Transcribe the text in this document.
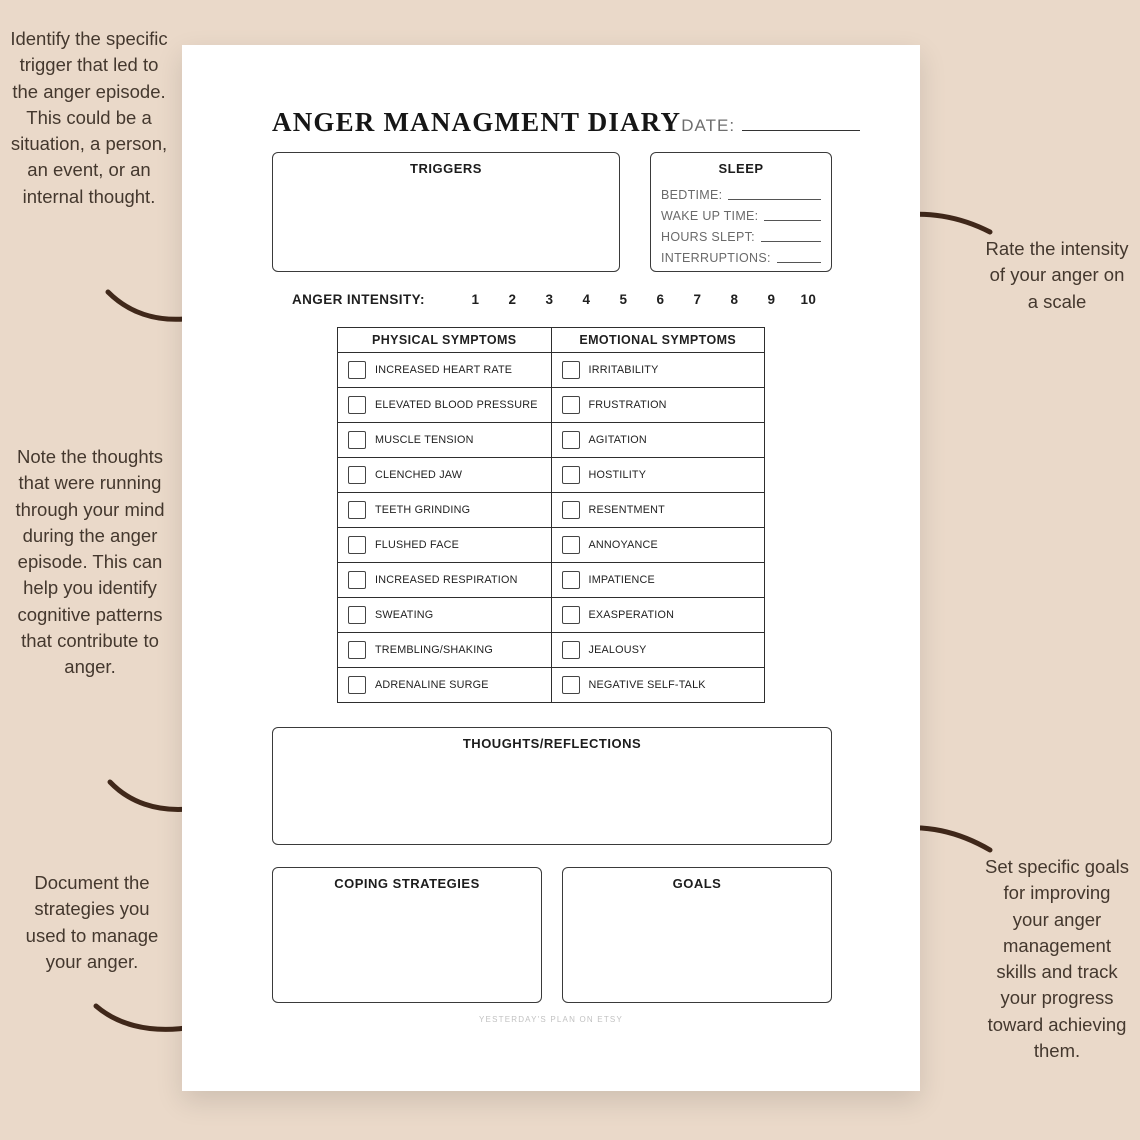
Identify the specific trigger that led to the anger episode. This could be a situation, a person, an event, or an internal thought.
Rate the intensity of your anger on a scale
Note the thoughts that were running through your mind during the anger episode. This can help you identify cognitive patterns that contribute to anger.
Document the strategies you used to manage your anger.
Set specific goals for improving your anger management skills and track your progress toward achieving them.
ANGER MANAGMENT DIARY DATE:
TRIGGERS	SLEEP
BEDTIME:
WAKE UP TIME:
HOURS SLEPT:
INTERRUPTIONS:
ANGER INTENSITY:	1	2	3	4	5	6	7	8	9	10
PHYSICAL SYMPTOMS	EMOTIONAL SYMPTOMS
INCREASED HEART RATE	IRRITABILITY
ELEVATED BLOOD PRESSURE	FRUSTRATION
MUSCLE TENSION	AGITATION
CLENCHED JAW	HOSTILITY
TEETH GRINDING	RESENTMENT
FLUSHED FACE	ANNOYANCE
INCREASED RESPIRATION	IMPATIENCE
SWEATING	EXASPERATION
TREMBLING/SHAKING	JEALOUSY
ADRENALINE SURGE	NEGATIVE SELF-TALK
THOUGHTS/REFLECTIONS
COPING STRATEGIES	GOALS
YESTERDAY'S PLAN ON ETSY
